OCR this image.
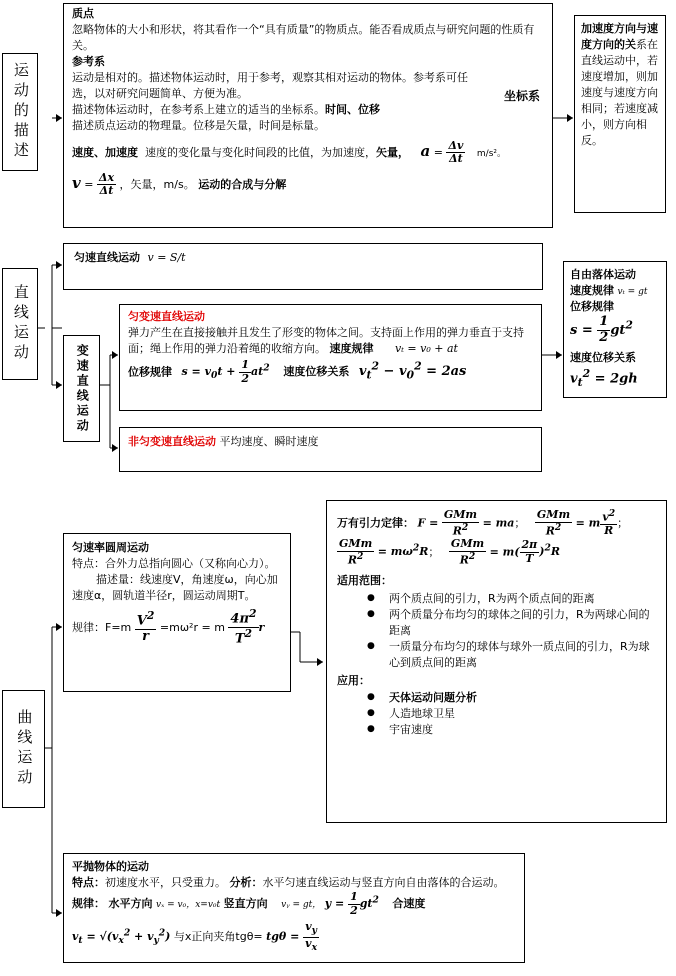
运动的描述
直线运动
曲线运动

质点

忽略物体的大小和形状，将其看作一个“具有质量”的物质点。能否看成质点与研究问题的性质有关。

参考系

运动是相对的。描述物体运动时，用于参考，观察其相对运动的物体。参考系可任选，以对研究问题简单、方便为准。	坐标系

描述物体运动时，在参考系上建立的适当的坐标系。时间、位移

描述质点运动的物理量。位移是矢量，时间是标量。

速度、加速度 速度的变化量与变化时间段的比值，为加速度，矢量， $a = \frac{\Delta v}{\Delta t} m/s^2$。

$v = \frac{\Delta x}{\Delta t}$ ，矢量，m/s。 运动的合成与分解

加速度方向与速度方向的关系在直线运动中，若速度增加，则加速度与速度方向相同；若速度减小，则方向相反。
匀速直线运动 v = S/t
变速直线运动

匀变速直线运动

弹力产生在直接接触并且发生了形变的物体之间。支持面上作用的弹力垂直于支持面；绳上作用的弹力沿着绳的收缩方向。 速度规律 vₜ = v₀ + at

位移规律 $s = v_0t + \frac{1}{2} at^2$ 速度位移关系 $v_t^2 - v_0^2 = 2as$

非匀变速直线运动 平均速度、瞬时速度

自由落体运动

速度规律 vₜ = gt

位移规律

$s = \frac{1}{2} gt^2$

速度位移关系

$v_t^2 = 2gh$

匀速率圆周运动

特点：合外力总指向圆心（又称向心力）。

描述量：线速度V，角速度ω，向心加速度α，圆轨道半径r，圆运动周期T。

规律：$F=m \frac{V^2}{r} =m\omega^2r = m \frac{4\pi^2}{T^2}$ r

万有引力定律： $F = \frac{\text{GMm}}{R^2}$ = ma； $\frac{\text{GMm}}{R^2} = m \frac{v^2}{R}$ ；

$\frac{\text{GMm}}{R^2} = m\omega^2R$； $\frac{\text{GMm}}{R^2} = m( \frac{2\pi}{T} )^2R$

适用范围：

● 两个质点间的引力，R为两个质点间的距离
● 两个质量分布均匀的球体之间的引力，R为两球心间的距离
● 一质量分布均匀的球体与球外一质点间的引力，R为球心到质点间的距离

应用：

● 天体运动问题分析
● 人造地球卫星
● 宇宙速度

平抛物体的运动

特点：初速度水平，只受重力。 分析：水平匀速直线运动与竖直方向自由落体的合运动。

规律： 水平方向 vₓ = v₀，x=v₀t 竖直方向 vᵧ = gt， $y = \frac{1}{2} gt^2$ 合速度

$v_t = √(v_x^2 + v_y^2)$ 与x正向夹角$tg\theta= tg\theta = \frac{v_y}{v_x}$
